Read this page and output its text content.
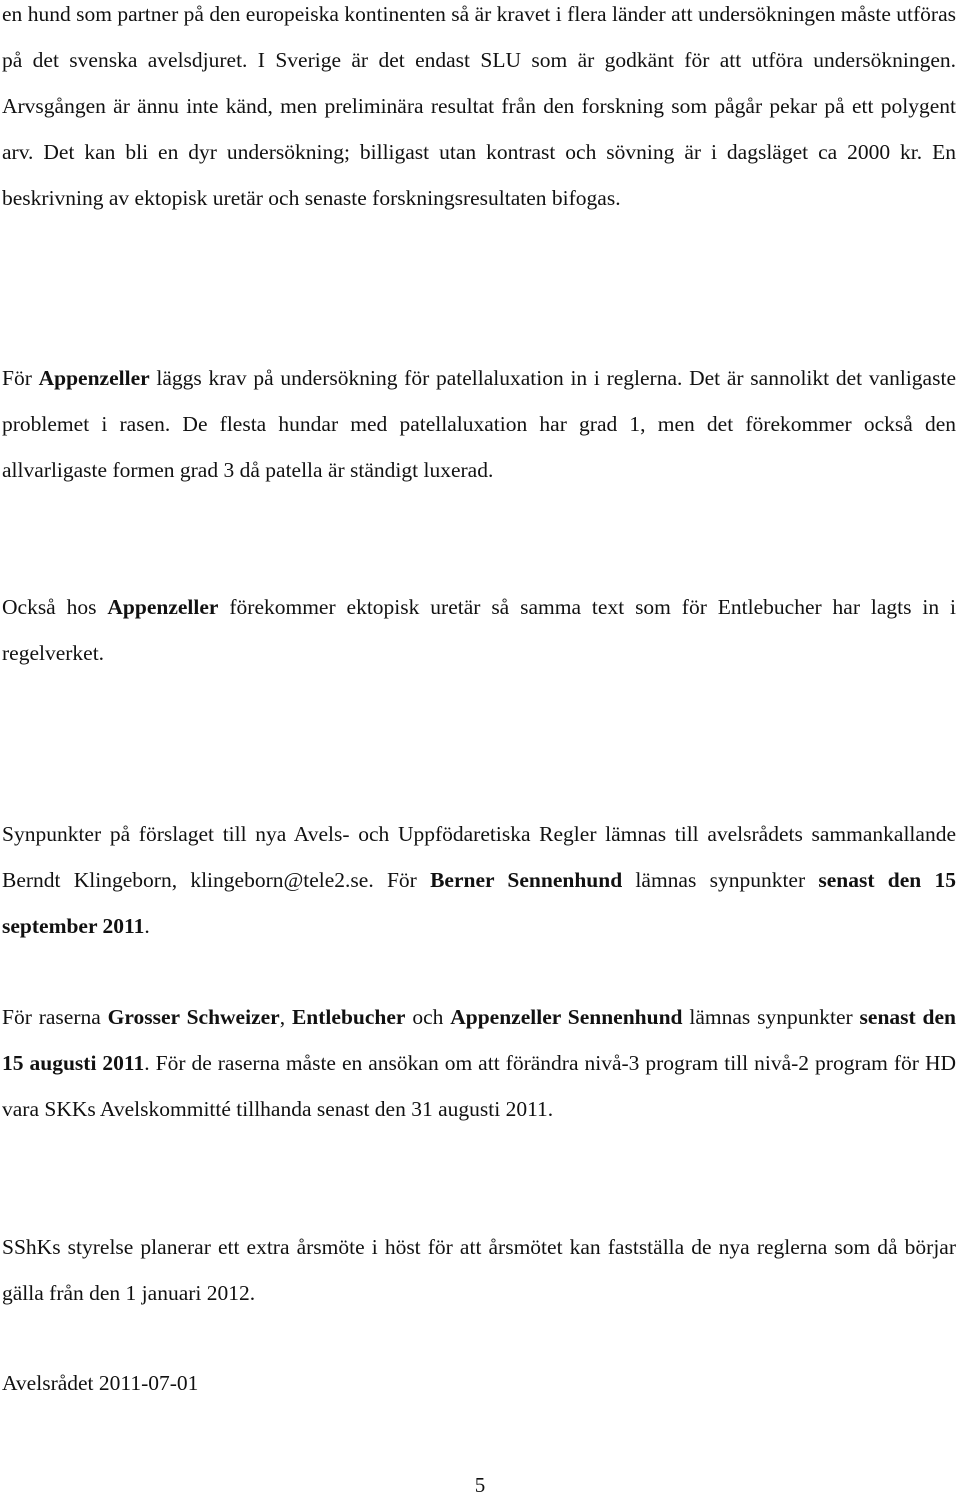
en hund som partner på den europeiska kontinenten så är kravet i flera länder att undersökningen måste utföras på det svenska avelsdjuret. I Sverige är det endast SLU som är godkänt för att utföra undersökningen. Arvsgången är ännu inte känd, men preliminära resultat från den forskning som pågår pekar på ett polygent arv. Det kan bli en dyr undersökning; billigast utan kontrast och sövning är i dagsläget ca 2000 kr. En beskrivning av ektopisk uretär och senaste forskningsresultaten bifogas.

För Appenzeller läggs krav på undersökning för patellaluxation in i reglerna. Det är sannolikt det vanligaste problemet i rasen. De flesta hundar med patellaluxation har grad 1, men det förekommer också den allvarligaste formen grad 3 då patella är ständigt luxerad.

Också hos Appenzeller förekommer ektopisk uretär så samma text som för Entlebucher har lagts in i regelverket.

Synpunkter på förslaget till nya Avels- och Uppfödaretiska Regler lämnas till avelsrådets sammankallande Berndt Klingeborn, klingeborn@tele2.se. För Berner Sennenhund lämnas synpunkter senast den 15 september 2011.

För raserna Grosser Schweizer, Entlebucher och Appenzeller Sennenhund lämnas synpunkter senast den 15 augusti 2011. För de raserna måste en ansökan om att förändra nivå-3 program till nivå-2 program för HD vara SKKs Avelskommitté tillhanda senast den 31 augusti 2011.

SShKs styrelse planerar ett extra årsmöte i höst för att årsmötet kan fastställa de nya reglerna som då börjar gälla från den 1 januari 2012.

Avelsrådet 2011-07-01

5
